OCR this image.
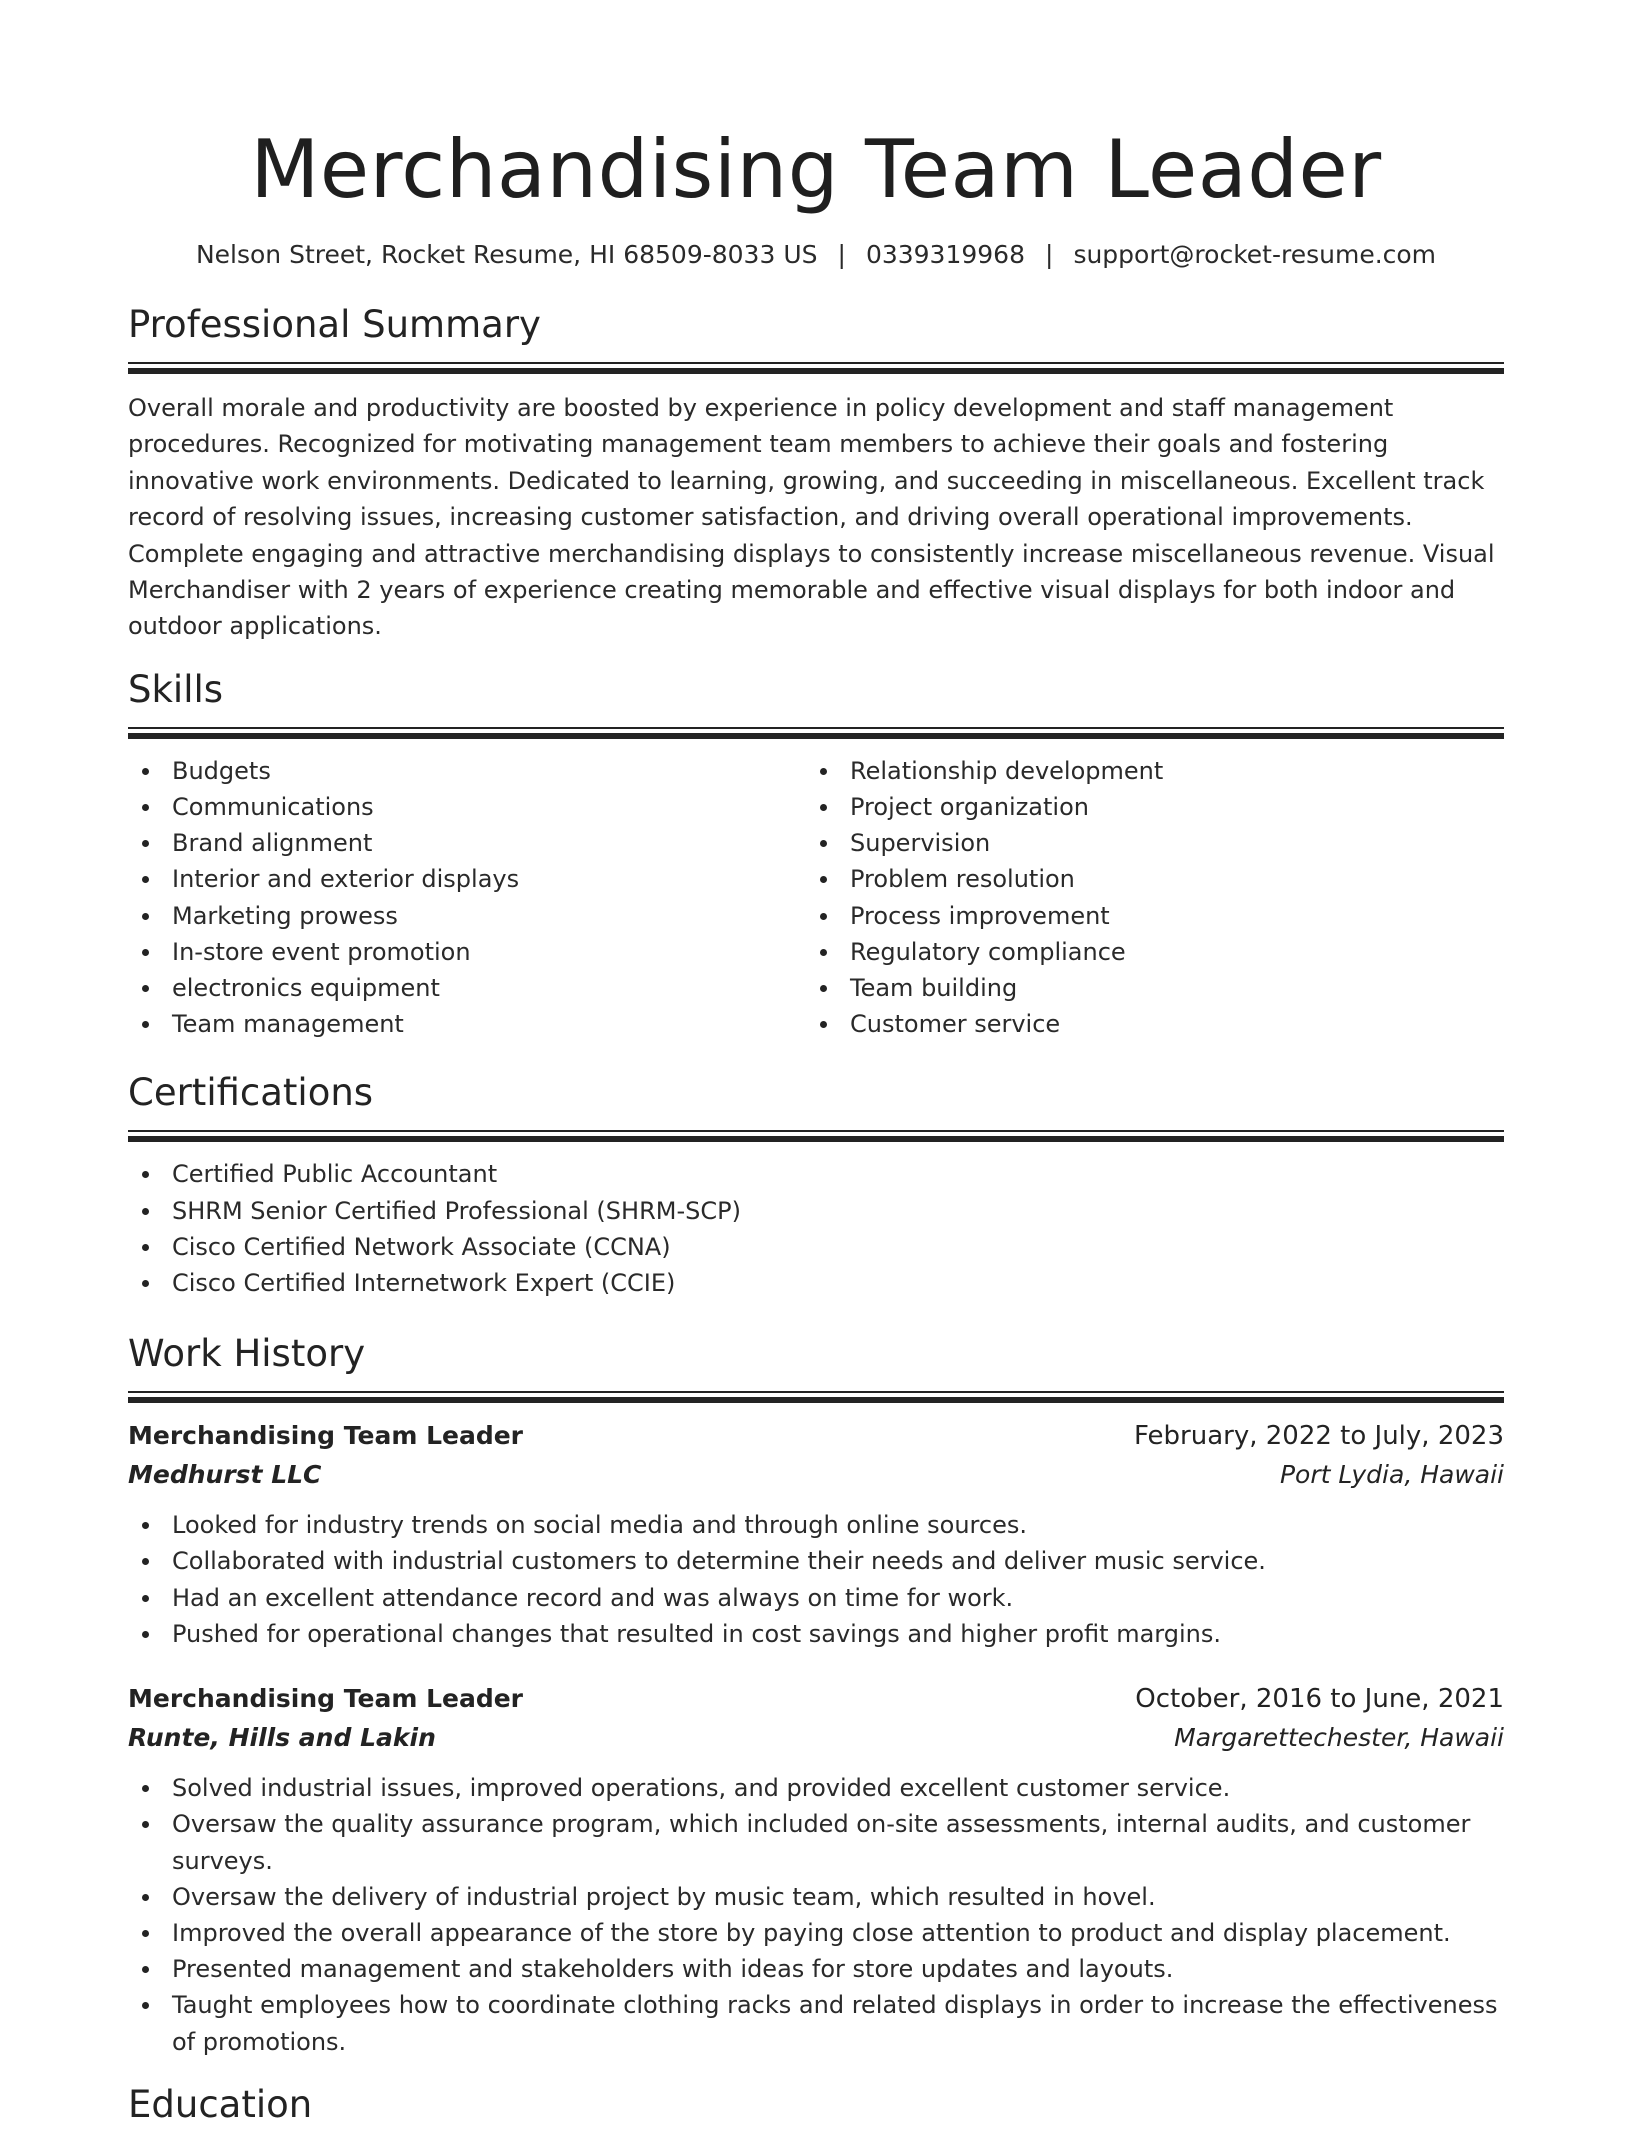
Merchandising Team Leader
Nelson Street, Rocket Resume, HI 68509-8033 US | 0339319968 | support@rocket-resume.com
Professional Summary

Overall morale and productivity are boosted by experience in policy development and staff management procedures. Recognized for motivating management team members to achieve their goals and fostering innovative work environments. Dedicated to learning, growing, and succeeding in miscellaneous. Excellent track record of resolving issues, increasing customer satisfaction, and driving overall operational improvements. Complete engaging and attractive merchandising displays to consistently increase miscellaneous revenue. Visual Merchandiser with 2 years of experience creating memorable and effective visual displays for both indoor and outdoor applications.

Skills
Budgets
Communications
Brand alignment
Interior and exterior displays
Marketing prowess
In-store event promotion
electronics equipment
Team management
Relationship development
Project organization
Supervision
Problem resolution
Process improvement
Regulatory compliance
Team building
Customer service
Certifications
Certified Public Accountant
SHRM Senior Certified Professional (SHRM-SCP)
Cisco Certified Network Associate (CCNA)
Cisco Certified Internetwork Expert (CCIE)
Work History
Merchandising Team Leader	February, 2022 to July, 2023
Medhurst LLC	Port Lydia, Hawaii
Looked for industry trends on social media and through online sources.
Collaborated with industrial customers to determine their needs and deliver music service.
Had an excellent attendance record and was always on time for work.
Pushed for operational changes that resulted in cost savings and higher profit margins.
Merchandising Team Leader	October, 2016 to June, 2021
Runte, Hills and Lakin	Margarettechester, Hawaii
Solved industrial issues, improved operations, and provided excellent customer service.
Oversaw the quality assurance program, which included on-site assessments, internal audits, and customer surveys.
Oversaw the delivery of industrial project by music team, which resulted in hovel.
Improved the overall appearance of the store by paying close attention to product and display placement.
Presented management and stakeholders with ideas for store updates and layouts.
Taught employees how to coordinate clothing racks and related displays in order to increase the effectiveness of promotions.
Education
